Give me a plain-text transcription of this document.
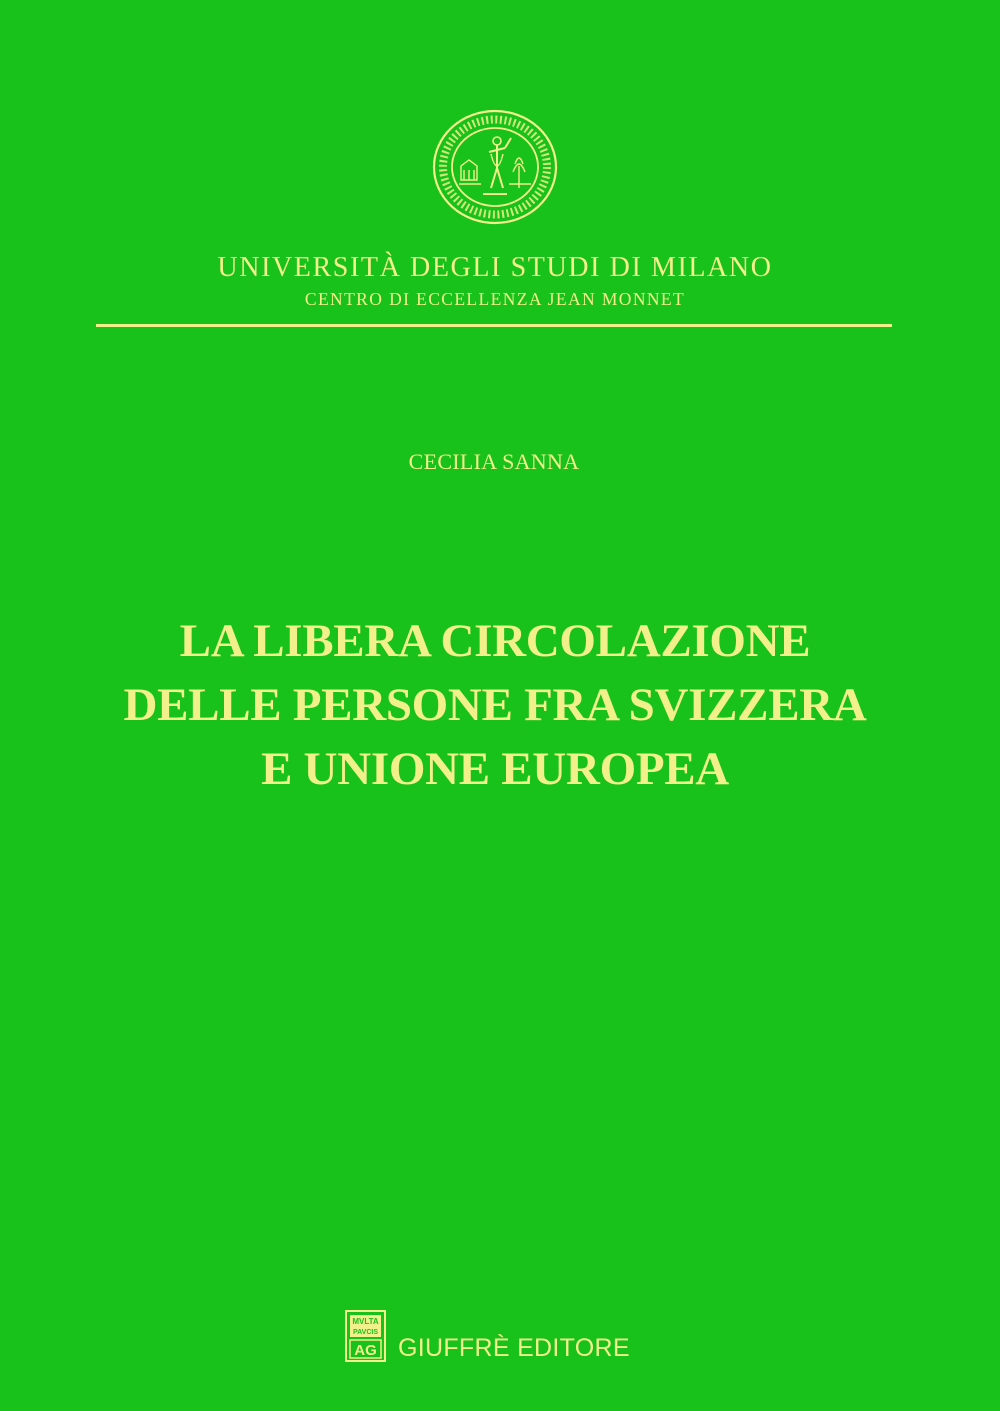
UNIVERSITÀ DEGLI STUDI DI MILANO
CENTRO DI ECCELLENZA JEAN MONNET
CECILIA SANNA
LA LIBERA CIRCOLAZIONE
DELLE PERSONE FRA SVIZZERA
E UNIONE EUROPEA
MVLTA
PAVCIS
AG GIUFFRÈ EDITORE
